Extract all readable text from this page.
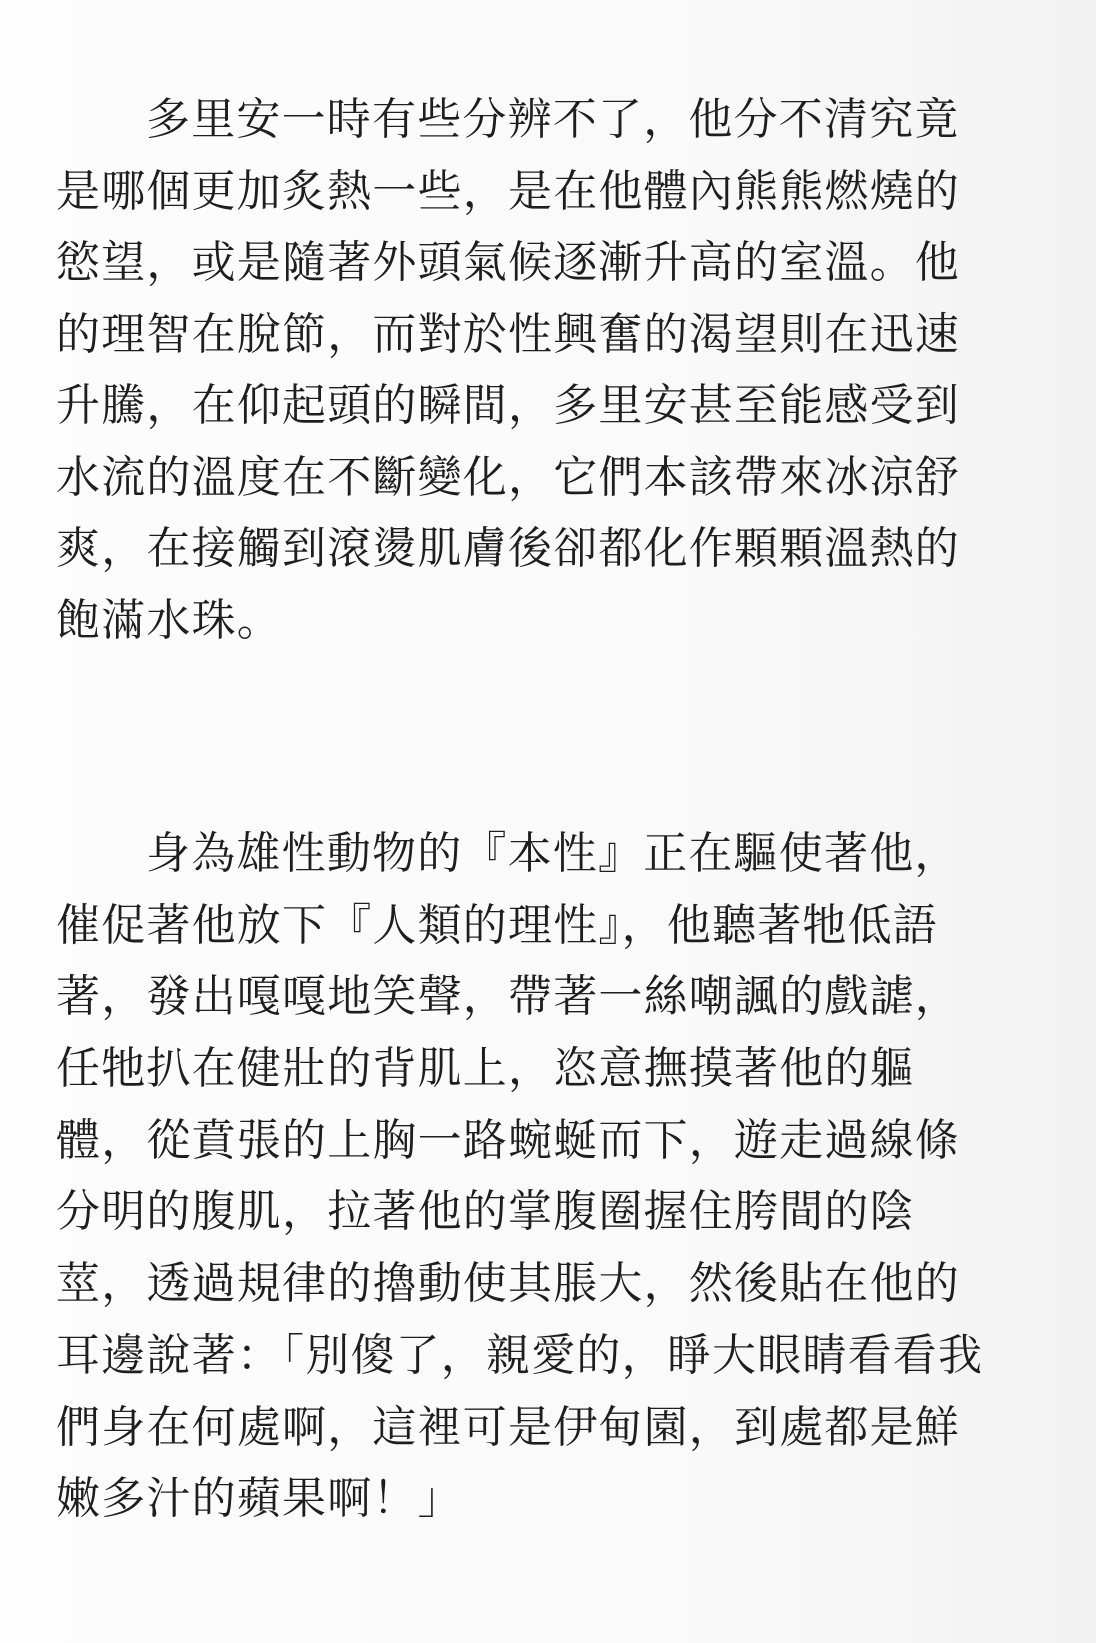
多里安一時有些分辨不了，他分不清究竟
是哪個更加炙熱一些，是在他體內熊熊燃燒的
慾望，或是隨著外頭氣候逐漸升高的室溫。他
的理智在脫節，而對於性興奮的渴望則在迅速
升騰，在仰起頭的瞬間，多里安甚至能感受到
水流的溫度在不斷變化，它們本該帶來冰涼舒
爽，在接觸到滾燙肌膚後卻都化作顆顆溫熱的
飽滿水珠。
身為雄性動物的『本性』正在驅使著他，
催促著他放下『人類的理性』，他聽著牠低語
著，發出嘎嘎地笑聲，帶著一絲嘲諷的戲謔，
任牠扒在健壯的背肌上，恣意撫摸著他的軀
體，從賁張的上胸一路蜿蜒而下，遊走過線條
分明的腹肌，拉著他的掌腹圈握住胯間的陰
莖，透過規律的擼動使其脹大，然後貼在他的
耳邊說著：「別傻了，親愛的，睜大眼睛看看我
們身在何處啊，這裡可是伊甸園，到處都是鮮
嫩多汁的蘋果啊！」
